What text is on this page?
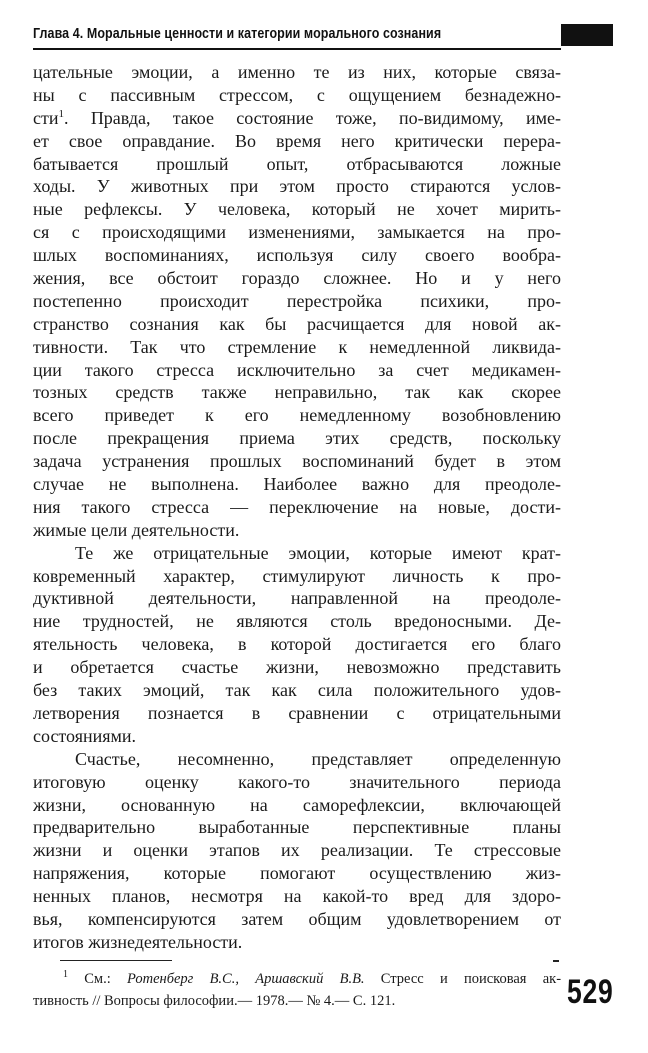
Глава 4. Моральные ценности и категории морального сознания
цательные эмоции, а именно те из них, которые связа-
ны с пассивным стрессом, с ощущением безнадежно-
сти$^1$. Правда, такое состояние тоже, по-видимому, име-
ет свое оправдание. Во время него критически перера-
батывается прошлый опыт, отбрасываются ложные
ходы. У животных при этом просто стираются услов-
ные рефлексы. У человека, который не хочет мирить-
ся с происходящими изменениями, замыкается на про-
шлых воспоминаниях, используя силу своего вообра-
жения, все обстоит гораздо сложнее. Но и у него
постепенно происходит перестройка психики, про-
странство сознания как бы расчищается для новой ак-
тивности. Так что стремление к немедленной ликвида-
ции такого стресса исключительно за счет медикамен-
тозных средств также неправильно, так как скорее
всего приведет к его немедленному возобновлению
после прекращения приема этих средств, поскольку
задача устранения прошлых воспоминаний будет в этом
случае не выполнена. Наиболее важно для преодоле-
ния такого стресса — переключение на новые, дости-
жимые цели деятельности.
Те же отрицательные эмоции, которые имеют крат-
ковременный характер, стимулируют личность к про-
дуктивной деятельности, направленной на преодоле-
ние трудностей, не являются столь вредоносными. Де-
ятельность человека, в которой достигается его благо
и обретается счастье жизни, невозможно представить
без таких эмоций, так как сила положительного удов-
летворения познается в сравнении с отрицательными
состояниями.
Счастье, несомненно, представляет определенную
итоговую оценку какого-то значительного периода
жизни, основанную на саморефлексии, включающей
предварительно выработанные перспективные планы
жизни и оценки этапов их реализации. Те стрессовые
напряжения, которые помогают осуществлению жиз-
ненных планов, несмотря на какой-то вред для здоро-
вья, компенсируются затем общим удовлетворением от
итогов жизнедеятельности.
$^1$ См.: Ротенберг В.С., Аршавский В.В. Стресс и поисковая ак-
тивность // Вопросы философии.— 1978.— № 4.— С. 121.	529
